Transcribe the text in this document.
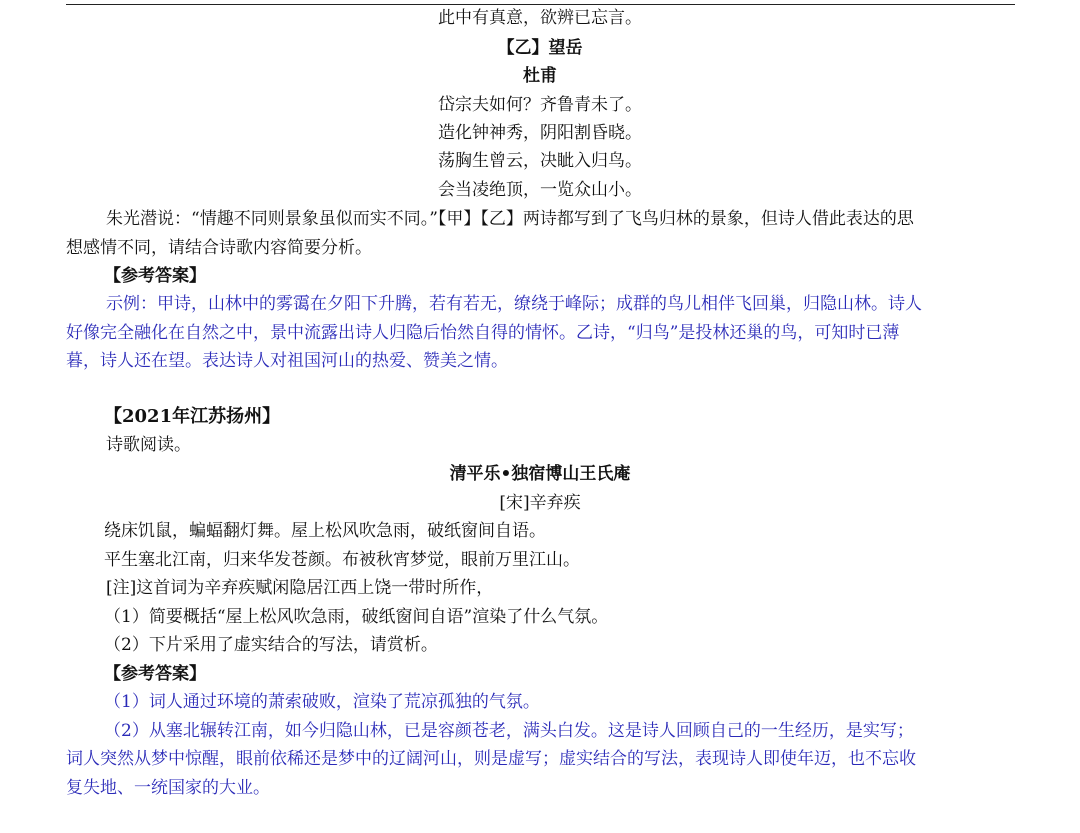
此中有真意，欲辨已忘言。
【乙】望岳
杜甫
岱宗夫如何？齐鲁青未了。
造化钟神秀，阴阳割昏晓。
荡胸生曾云，决眦入归鸟。
会当凌绝顶，一览众山小。
朱光潜说：“情趣不同则景象虽似而实不同。”【甲】【乙】两诗都写到了飞鸟归林的景象，但诗人借此表达的思
想感情不同，请结合诗歌内容简要分析。
【参考答案】
示例：甲诗，山林中的雾霭在夕阳下升腾，若有若无，缭绕于峰际；成群的鸟儿相伴飞回巢，归隐山林。诗人
好像完全融化在自然之中，景中流露出诗人归隐后怡然自得的情怀。乙诗，“归鸟”是投林还巢的鸟，可知时已薄
暮，诗人还在望。表达诗人对祖国河山的热爱、赞美之情。
【2021年江苏扬州】
诗歌阅读。
清平乐•独宿博山王氏庵
[宋]辛弃疾
绕床饥鼠，蝙蝠翻灯舞。屋上松风吹急雨，破纸窗间自语。
平生塞北江南，归来华发苍颜。布被秋宵梦觉，眼前万里江山。
[注]这首词为辛弃疾赋闲隐居江西上饶一带时所作，
（1）简要概括“屋上松风吹急雨，破纸窗间自语”渲染了什么气氛。
（2）下片采用了虚实结合的写法，请赏析。
【参考答案】
（1）词人通过环境的萧索破败，渲染了荒凉孤独的气氛。
（2）从塞北辗转江南，如今归隐山林，已是容颜苍老，满头白发。这是诗人回顾自己的一生经历，是实写；
词人突然从梦中惊醒，眼前依稀还是梦中的辽阔河山，则是虚写；虚实结合的写法，表现诗人即使年迈，也不忘收
复失地、一统国家的大业。
